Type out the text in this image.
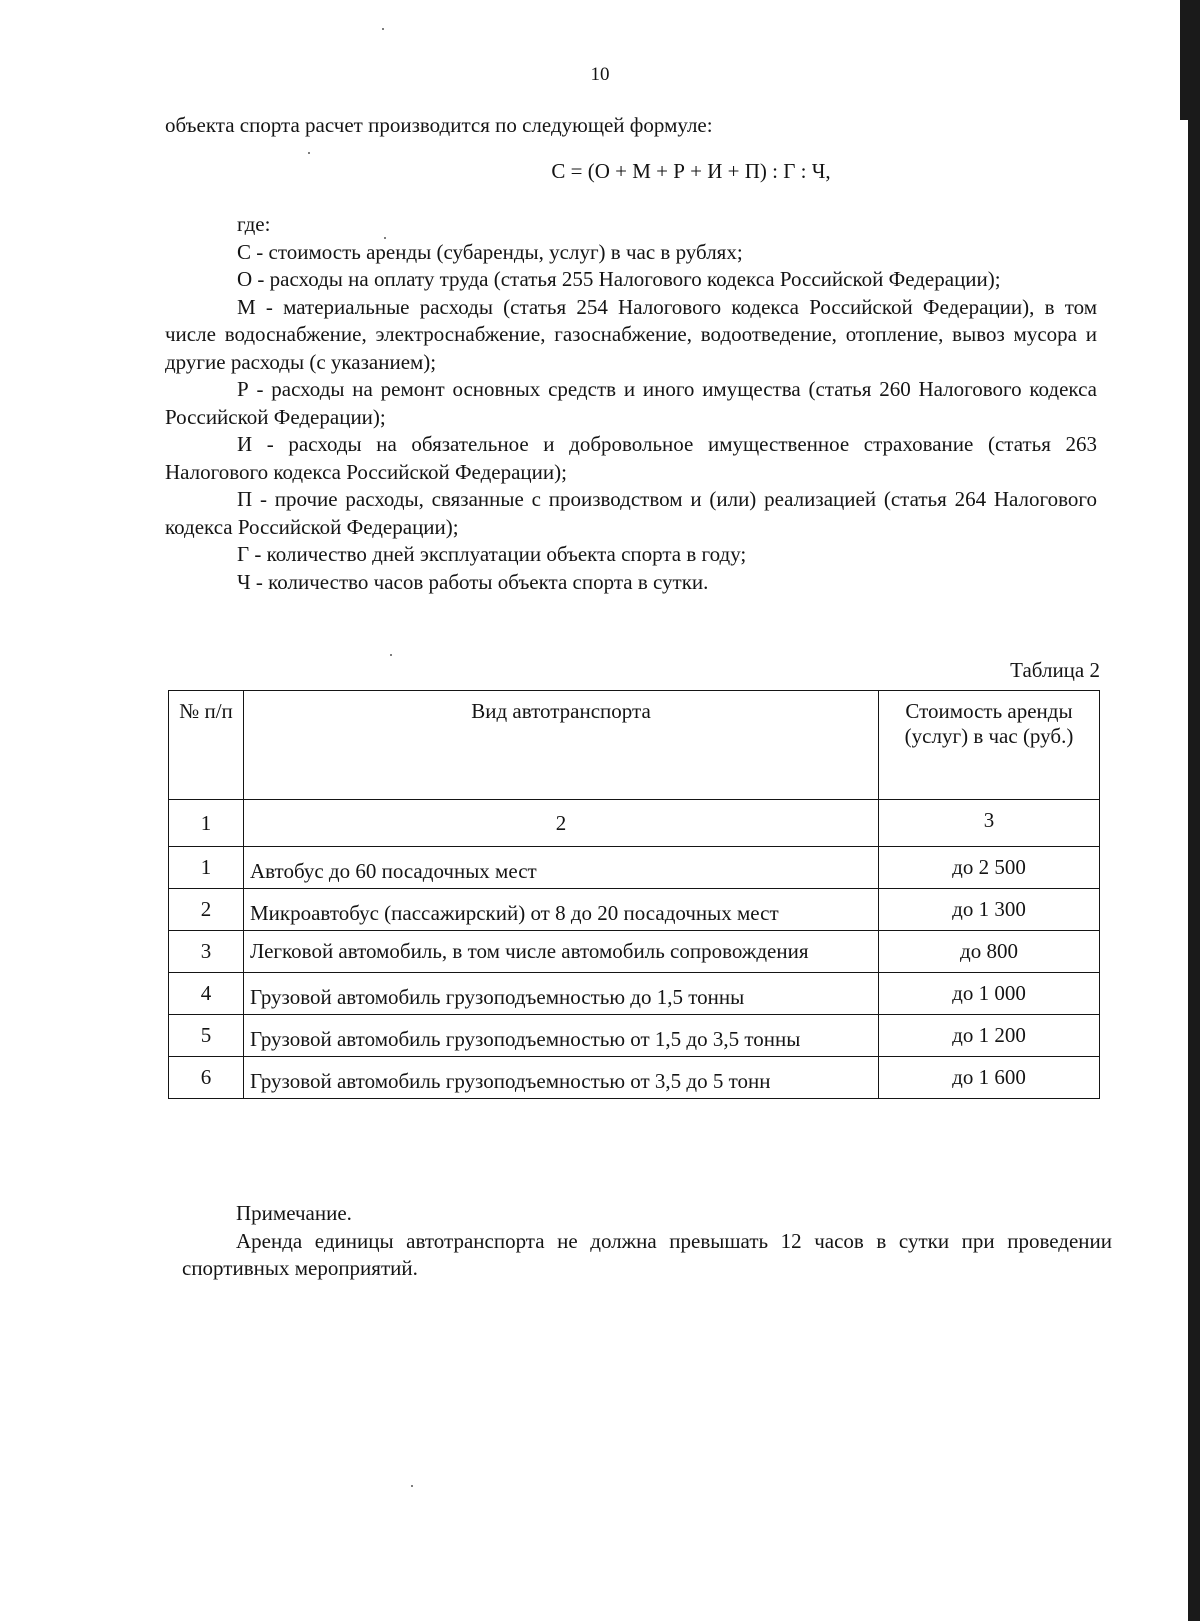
10

объекта спорта расчет производится по следующей формуле:

С = (О + М + Р + И + П) : Г : Ч,

где:

С - стоимость аренды (субаренды, услуг) в час в рублях;

О - расходы на оплату труда (статья 255 Налогового кодекса Российской Федерации);

М - материальные расходы (статья 254 Налогового кодекса Российской Федерации), в том числе водоснабжение, электроснабжение, газоснабжение, водоотведение, отопление, вывоз мусора и другие расходы (с указанием);

Р - расходы на ремонт основных средств и иного имущества (статья 260 Налогового кодекса Российской Федерации);

И - расходы на обязательное и добровольное имущественное страхование (статья 263 Налогового кодекса Российской Федерации);

П - прочие расходы, связанные с производством и (или) реализацией (статья 264 Налогового кодекса Российской Федерации);

Г - количество дней эксплуатации объекта спорта в году;

Ч - количество часов работы объекта спорта в сутки.

Таблица 2
№ п/п	Вид автотранспорта	Стоимость аренды (услуг) в час (руб.)
1	2	3
1	Автобус до 60 посадочных мест	до 2 500
2	Микроавтобус (пассажирский) от 8 до 20 посадочных мест	до 1 300
3	Легковой автомобиль, в том числе автомобиль сопровождения	до 800
4	Грузовой автомобиль грузоподъемностью до 1,5 тонны	до 1 000
5	Грузовой автомобиль грузоподъемностью от 1,5 до 3,5 тонны	до 1 200
6	Грузовой автомобиль грузоподъемностью от 3,5 до 5 тонн	до 1 600

Примечание.

Аренда единицы автотранспорта не должна превышать 12 часов в сутки при проведении спортивных мероприятий.
